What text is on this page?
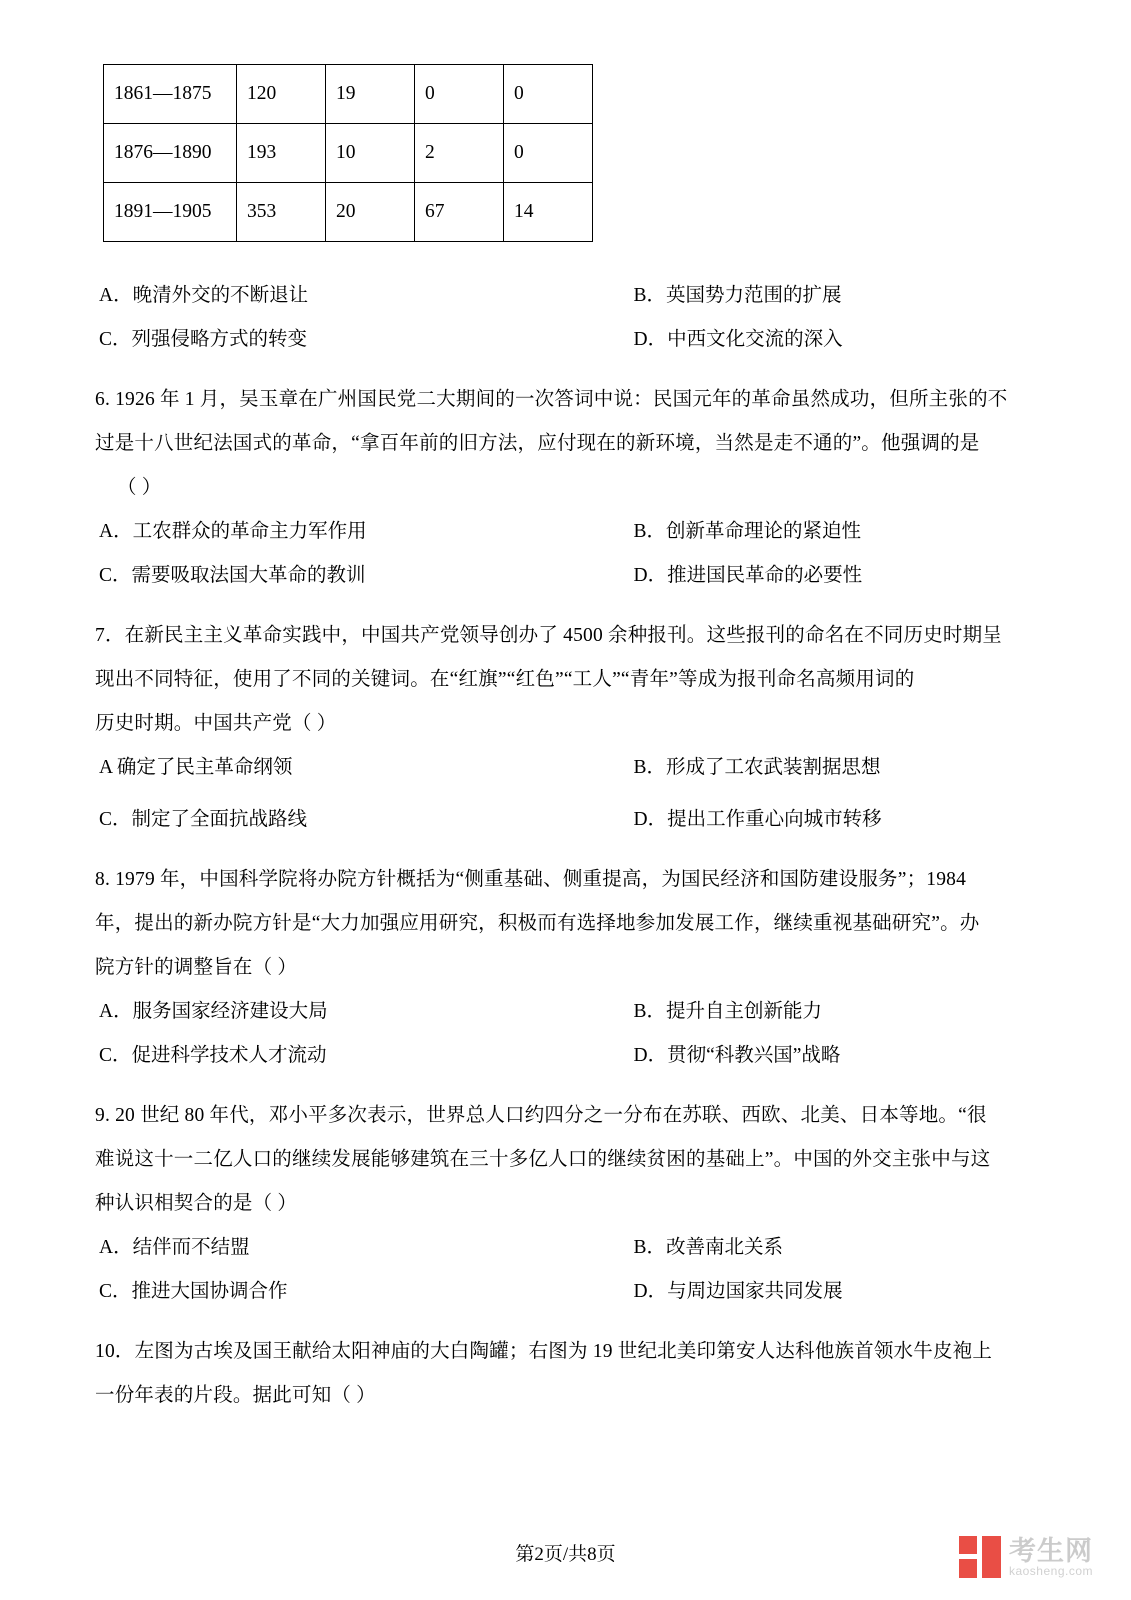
1861—1875	120	19	0	0
1876—1890	193	10	2	0
1891—1905	353	20	67	14
A．晚清外交的不断退让	B．英国势力范围的扩展
C．列强侵略方式的转变	D．中西文化交流的深入
6. 1926 年 1 月，吴玉章在广州国民党二大期间的一次答词中说：民国元年的革命虽然成功，但所主张的不
过是十八世纪法国式的革命，“拿百年前的旧方法，应付现在的新环境，当然是走不通的”。他强调的是
（ ）
A．工农群众的革命主力军作用	B．创新革命理论的紧迫性
C．需要吸取法国大革命的教训	D．推进国民革命的必要性
7．在新民主主义革命实践中，中国共产党领导创办了 4500 余种报刊。这些报刊的命名在不同历史时期呈
现出不同特征，使用了不同的关键词。在“红旗”“红色”“工人”“青年”等成为报刊命名高频用词的
历史时期。中国共产党（ ）
A 确定了民主革命纲领	B．形成了工农武装割据思想
C．制定了全面抗战路线	D．提出工作重心向城市转移
8. 1979 年，中国科学院将办院方针概括为“侧重基础、侧重提高，为国民经济和国防建设服务”；1984
年，提出的新办院方针是“大力加强应用研究，积极而有选择地参加发展工作，继续重视基础研究”。办
院方针的调整旨在（ ）
A．服务国家经济建设大局	B．提升自主创新能力
C．促进科学技术人才流动	D．贯彻“科教兴国”战略
9. 20 世纪 80 年代，邓小平多次表示，世界总人口约四分之一分布在苏联、西欧、北美、日本等地。“很
难说这十一二亿人口的继续发展能够建筑在三十多亿人口的继续贫困的基础上”。中国的外交主张中与这
种认识相契合的是（ ）
A．结伴而不结盟	B．改善南北关系
C．推进大国协调合作	D．与周边国家共同发展
10．左图为古埃及国王献给太阳神庙的大白陶罐；右图为 19 世纪北美印第安人达科他族首领水牛皮袍上
一份年表的片段。据此可知（ ）
第2页/共8页	考生网
kaosheng.com
